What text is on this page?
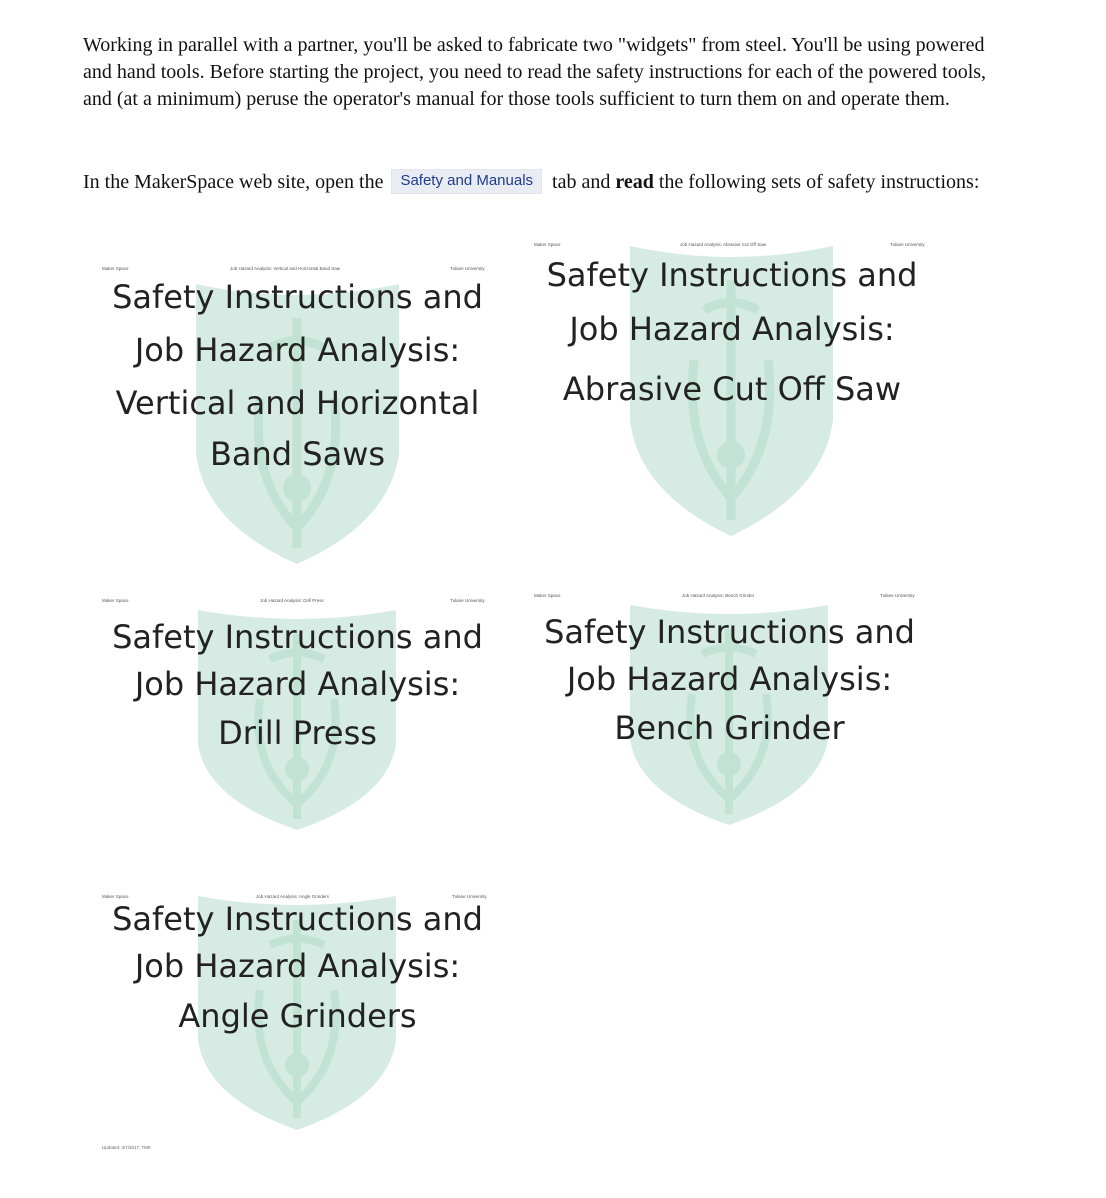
Working in parallel with a partner, you'll be asked to fabricate two "widgets" from steel. You'll be using powered and hand tools. Before starting the project, you need to read the safety instructions for each of the powered tools, and (at a minimum) peruse the operator's manual for those tools sufficient to turn them on and operate them.

In the MakerSpace web site, open the Safety and Manuals tab and read the following sets of safety instructions:

Maker Space	Job Hazard Analysis: Vertical and Horizontal Band Saw	Tulane University
Safety Instructions and
Job Hazard Analysis:
Vertical and Horizontal
Band Saws
Maker Space	Job Hazard Analysis: Abrasive Cut Off Saw	Tulane University
Safety Instructions and
Job Hazard Analysis:
Abrasive Cut Off Saw
Maker Space	Job Hazard Analysis: Drill Press	Tulane University
Safety Instructions and
Job Hazard Analysis:
Drill Press
Maker Space	Job Hazard Analysis: Bench Grinder	Tulane University
Safety Instructions and
Job Hazard Analysis:
Bench Grinder
Maker Space	Job Hazard Analysis: Angle Grinders	Tulane University
Safety Instructions and
Job Hazard Analysis:
Angle Grinders
Updated: 3/7/2017, TMK
